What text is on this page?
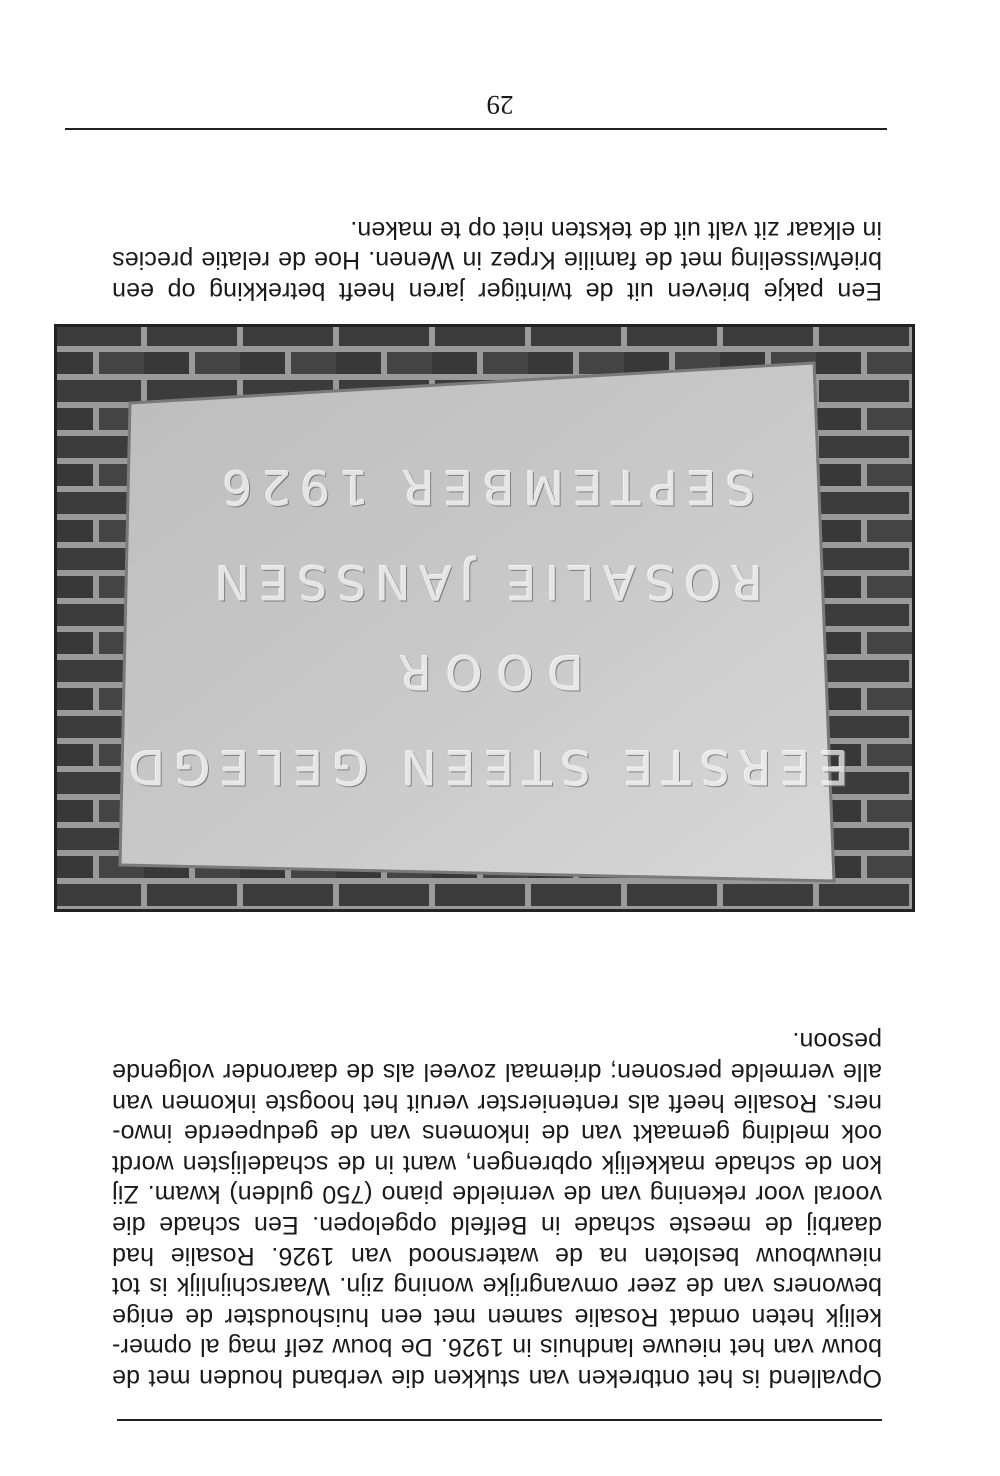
Opvallend is het ontbreken van stukken die verband houden met de
bouw van het nieuwe landhuis in 1926. De bouw zelf mag al opmer-
kelijk heten omdat Rosalie samen met een huishoudster de enige
bewoners van de zeer omvangrijke woning zijn. Waarschijnlijk is tot
nieuwbouw besloten na de watersnood van 1926. Rosalie had
daarbij de meeste schade in Belfeld opgelopen. Een schade die
vooral voor rekening van de vernielde piano (750 gulden) kwam. Zij
kon de schade makkelijk opbrengen, want in de schadelijsten wordt
ook melding gemaakt van de inkomens van de gedupeerde inwo-
ners. Rosalie heeft als rentenierster veruit het hoogste inkomen van
alle vermelde personen; driemaal zoveel als de daaronder volgende
pesoon.

EERSTE STEEN GELEGD
DOOR
ROSALIE JANSSEN
SEPTEMBER 1926

Een pakje brieven uit de twintiger jaren heeft betrekking op een
briefwisseling met de familie Krpez in Wenen. Hoe de relatie precies
in elkaar zit valt uit de teksten niet op te maken.

29
